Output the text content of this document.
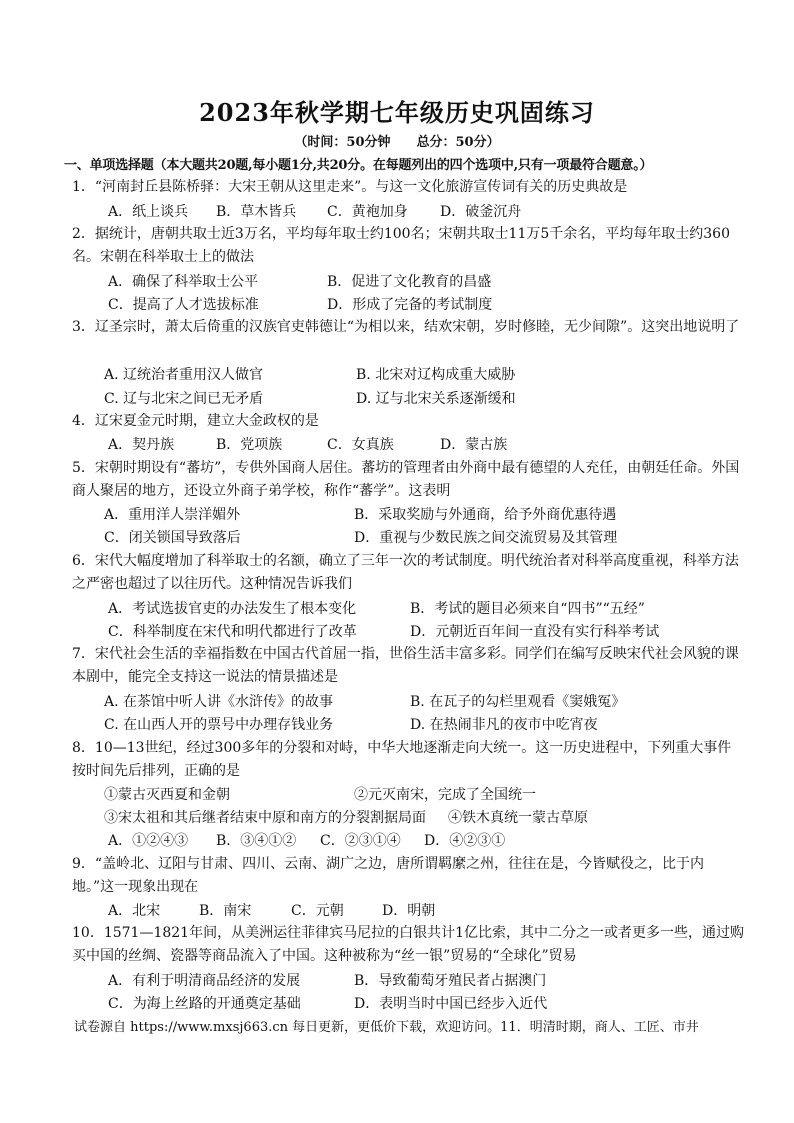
2023年秋学期七年级历史巩固练习
（时间：50分钟　　总分：50分）
一、单项选择题（本大题共20题,每小题1分,共20分。在每题列出的四个选项中,只有一项最符合题意。）
1．“河南封丘县陈桥驿：大宋王朝从这里走来”。与这一文化旅游宣传词有关的历史典故是
A．纸上谈兵 B．草木皆兵 C．黄袍加身 D．破釜沉舟
2．据统计，唐朝共取士近3万名，平均每年取士约100名；宋朝共取士11万5千余名，平均每年取士约360名。宋朝在科举取士上的做法
A．确保了科举取士公平	B．促进了文化教育的昌盛
C．提高了人才选拔标准	D．形成了完备的考试制度
3．辽圣宗时，萧太后倚重的汉族官吏韩德让“为相以来，结欢宋朝，岁时修睦，无少间隙”。这突出地说明了
A. 辽统治者重用汉人做官	B. 北宋对辽构成重大威胁
C. 辽与北宋之间已无矛盾	D. 辽与北宋关系逐渐缓和
4．辽宋夏金元时期，建立大金政权的是
A．契丹族	B．党项族	C．女真族	D．蒙古族
5．宋朝时期设有“蕃坊”，专供外国商人居住。蕃坊的管理者由外商中最有德望的人充任，由朝廷任命。外国商人聚居的地方，还设立外商子弟学校，称作“蕃学”。这表明
A．重用洋人崇洋媚外	B．采取奖励与外通商，给予外商优惠待遇
C．闭关锁国导致落后	D．重视与少数民族之间交流贸易及其管理
6．宋代大幅度增加了科举取士的名额，确立了三年一次的考试制度。明代统治者对科举高度重视，科举方法之严密也超过了以往历代。这种情况告诉我们
A．考试选拔官吏的办法发生了根本变化	B．考试的题目必须来自“四书”“五经”
C．科举制度在宋代和明代都进行了改革	D．元朝近百年间一直没有实行科举考试
7．宋代社会生活的幸福指数在中国古代首屈一指，世俗生活丰富多彩。同学们在编写反映宋代社会风貌的课本剧中，能完全支持这一说法的情景描述是
A. 在茶馆中听人讲《水浒传》的故事	B. 在瓦子的勾栏里观看《窦娥冤》
C. 在山西人开的票号中办理存钱业务	D. 在热闹非凡的夜市中吃宵夜
8．10—13世纪，经过300多年的分裂和对峙，中华大地逐渐走向大统一。这一历史进程中，下列重大事件按时间先后排列，正确的是
①蒙古灭西夏和金朝	②元灭南宋，完成了全国统一
③宋太祖和其后继者结束中原和南方的分裂割据局面 ④铁木真统一蒙古草原
A．①②④③ B．③④①② C．②③①④ D．④②③①
9．“盖岭北、辽阳与甘肃、四川、云南、湖广之边，唐所谓羁縻之州，往往在是，今皆赋役之，比于内地。”这一现象出现在
A．北宋	B．南宋	C．元朝	D．明朝
10．1571—1821年间，从美洲运往菲律宾马尼拉的白银共计1亿比索，其中二分之一或者更多一些，通过购买中国的丝绸、瓷器等商品流入了中国。这种被称为“丝一银”贸易的“全球化”贸易
A．有利于明清商品经济的发展	B．导致葡萄牙殖民者占据澳门
C．为海上丝路的开通奠定基础	D．表明当时中国已经步入近代
试卷源自 https://www.mxsj663.cn 每日更新，更低价下载，欢迎访问。11．明清时期，商人、工匠、市井
